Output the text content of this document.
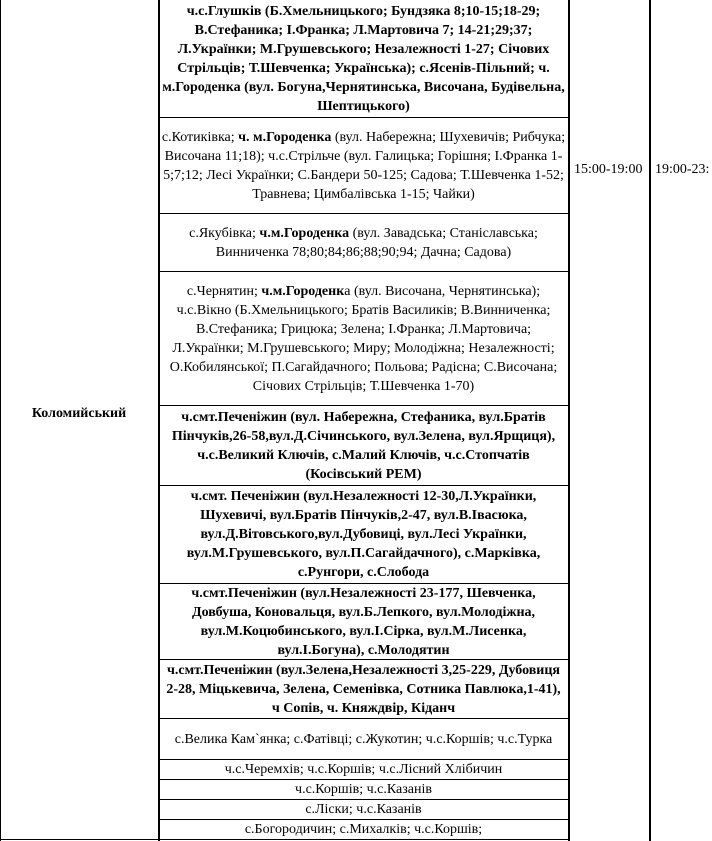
Коломийський
15:00-19:00 19:00-23:
ч.с.Глушків (Б.Хмельницького; Бундзяка 8;10-15;18-29; В.Стефаника; І.Франка; Л.Мартовича 7; 14-21;29;37; Л.Українки; М.Грушевського; Незалежності 1-27; Січових Стрільців; Т.Шевченка; Українська); с.Ясенів-Пільний; ч. м.Городенка (вул. Богуна,Чернятинська, Височана, Будівельна, Шептицького)
с.Котиківка; ч. м.Городенка (вул. Набережна; Шухевичів; Рибчука; Височана 11;18); ч.с.Стрільче (вул. Галицька; Горішня; І.Франка 1-5;7;12; Лесі Українки; С.Бандери 50-125; Садова; Т.Шевченка 1-52; Травнева; Цимбалівська 1-15; Чайки)
с.Якубівка; ч.м.Городенка (вул. Завадська; Станіславська; Винниченка 78;80;84;86;88;90;94; Дачна; Садова)
с.Чернятин; ч.м.Городенка (вул. Височана, Чернятинська); ч.с.Вікно (Б.Хмельницького; Братів Василиків; В.Винниченка; В.Стефаника; Грицюка; Зелена; І.Франка; Л.Мартовича; Л.Українки; М.Грушевського; Миру; Молодіжна; Незалежності; О.Кобилянської; П.Сагайдачного; Польова; Радісна; С.Височана; Січових Стрільців; Т.Шевченка 1-70)
ч.смт.Печеніжин (вул. Набережна, Стефаника, вул.Братів Пінчуків,26-58,вул.Д.Січинського, вул.Зелена, вул.Ярщиця), ч.с.Великий Ключів, с.Малий Ключів, ч.с.Стопчатів (Косівський РЕМ)
ч.смт. Печеніжин (вул.Незалежності 12-30,Л.Українки, Шухевичі, вул.Братів Пінчуків,2-47, вул.В.Івасюка, вул.Д.Вітовського,вул.Дубовиці, вул.Лесі Українки, вул.М.Грушевського, вул.П.Сагайдачного), с.Марківка, с.Рунгори, с.Слобода
ч.смт.Печеніжин (вул.Незалежності 23-177, Шевченка, Довбуша, Коновальця, вул.Б.Лепкого, вул.Молодіжна, вул.М.Коцюбинського, вул.І.Сірка, вул.М.Лисенка, вул.І.Богуна), с.Молодятин
ч.смт.Печеніжин (вул.Зелена,Незалежності 3,25-229, Дубовиця 2-28, Міцькевича, Зелена, Семенівка, Сотника Павлюка,1-41), ч Сопів, ч. Княждвір, Кіданч
с.Велика Кам`янка; с.Фатівці; с.Жукотин; ч.с.Коршів; ч.с.Турка
ч.с.Черемхів; ч.с.Коршів; ч.с.Лісний Хлібичин
ч.с.Коршів; ч.с.Казанів
с.Ліски; ч.с.Казанів
с.Богородичин; с.Михалків; ч.с.Коршів;
